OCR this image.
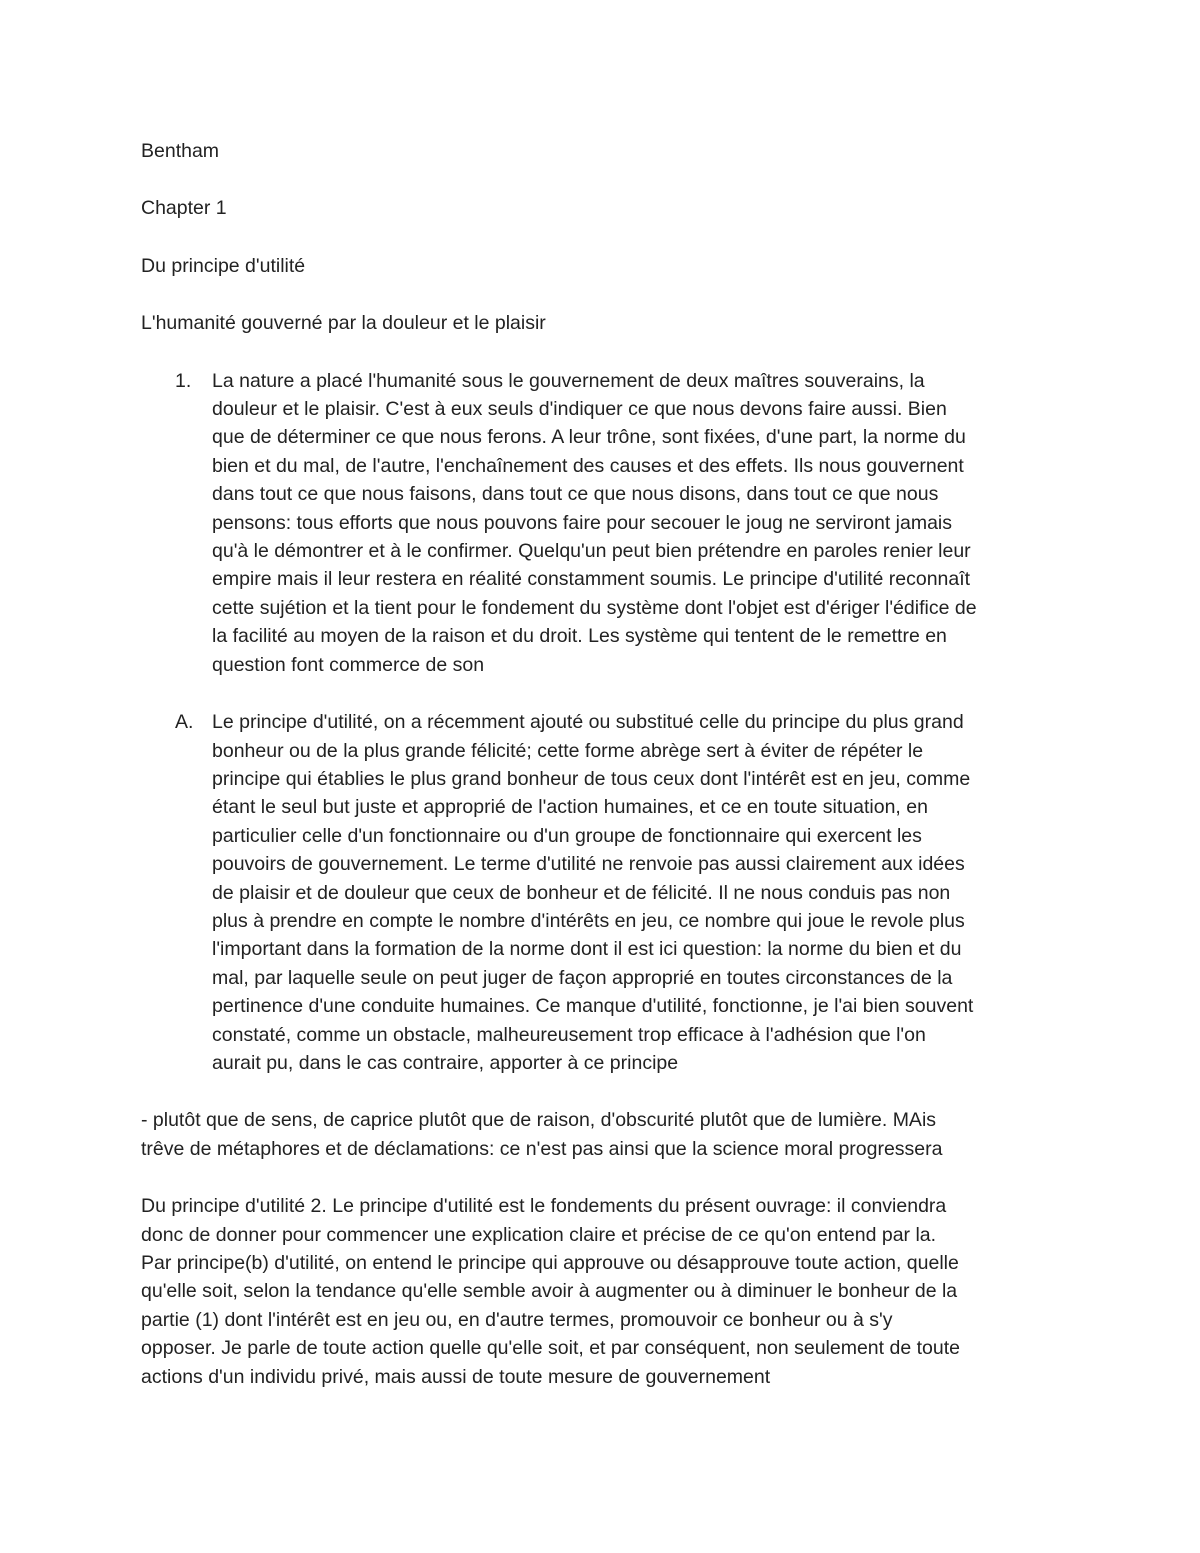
Bentham

Chapter 1

Du principe d'utilité

L'humanité gouverné par la douleur et le plaisir

1. La nature a placé l'humanité sous le gouvernement de deux maîtres souverains, la
douleur et le plaisir. C'est à eux seuls d'indiquer ce que nous devons faire aussi. Bien
que de déterminer ce que nous ferons. A leur trône, sont fixées, d'une part, la norme du
bien et du mal, de l'autre, l'enchaînement des causes et des effets. Ils nous gouvernent
dans tout ce que nous faisons, dans tout ce que nous disons, dans tout ce que nous
pensons: tous efforts que nous pouvons faire pour secouer le joug ne serviront jamais
qu'à le démontrer et à le confirmer. Quelqu'un peut bien prétendre en paroles renier leur
empire mais il leur restera en réalité constamment soumis. Le principe d'utilité reconnaît
cette sujétion et la tient pour le fondement du système dont l'objet est d'ériger l'édifice de
la facilité au moyen de la raison et du droit. Les système qui tentent de le remettre en
question font commerce de son
A. Le principe d'utilité, on a récemment ajouté ou substitué celle du principe du plus grand
bonheur ou de la plus grande félicité; cette forme abrège sert à éviter de répéter le
principe qui établies le plus grand bonheur de tous ceux dont l'intérêt est en jeu, comme
étant le seul but juste et approprié de l'action humaines, et ce en toute situation, en
particulier celle d'un fonctionnaire ou d'un groupe de fonctionnaire qui exercent les
pouvoirs de gouvernement. Le terme d'utilité ne renvoie pas aussi clairement aux idées
de plaisir et de douleur que ceux de bonheur et de félicité. Il ne nous conduis pas non
plus à prendre en compte le nombre d'intérêts en jeu, ce nombre qui joue le revole plus
l'important dans la formation de la norme dont il est ici question: la norme du bien et du
mal, par laquelle seule on peut juger de façon approprié en toutes circonstances de la
pertinence d'une conduite humaines. Ce manque d'utilité, fonctionne, je l'ai bien souvent
constaté, comme un obstacle, malheureusement trop efficace à l'adhésion que l'on
aurait pu, dans le cas contraire, apporter à ce principe
- plutôt que de sens, de caprice plutôt que de raison, d'obscurité plutôt que de lumière. MAis
trêve de métaphores et de déclamations: ce n'est pas ainsi que la science moral progressera
Du principe d'utilité 2. Le principe d'utilité est le fondements du présent ouvrage: il conviendra
donc de donner pour commencer une explication claire et précise de ce qu'on entend par la.
Par principe(b) d'utilité, on entend le principe qui approuve ou désapprouve toute action, quelle
qu'elle soit, selon la tendance qu'elle semble avoir à augmenter ou à diminuer le bonheur de la
partie (1) dont l'intérêt est en jeu ou, en d'autre termes, promouvoir ce bonheur ou à s'y
opposer. Je parle de toute action quelle qu'elle soit, et par conséquent, non seulement de toute
actions d'un individu privé, mais aussi de toute mesure de gouvernement
